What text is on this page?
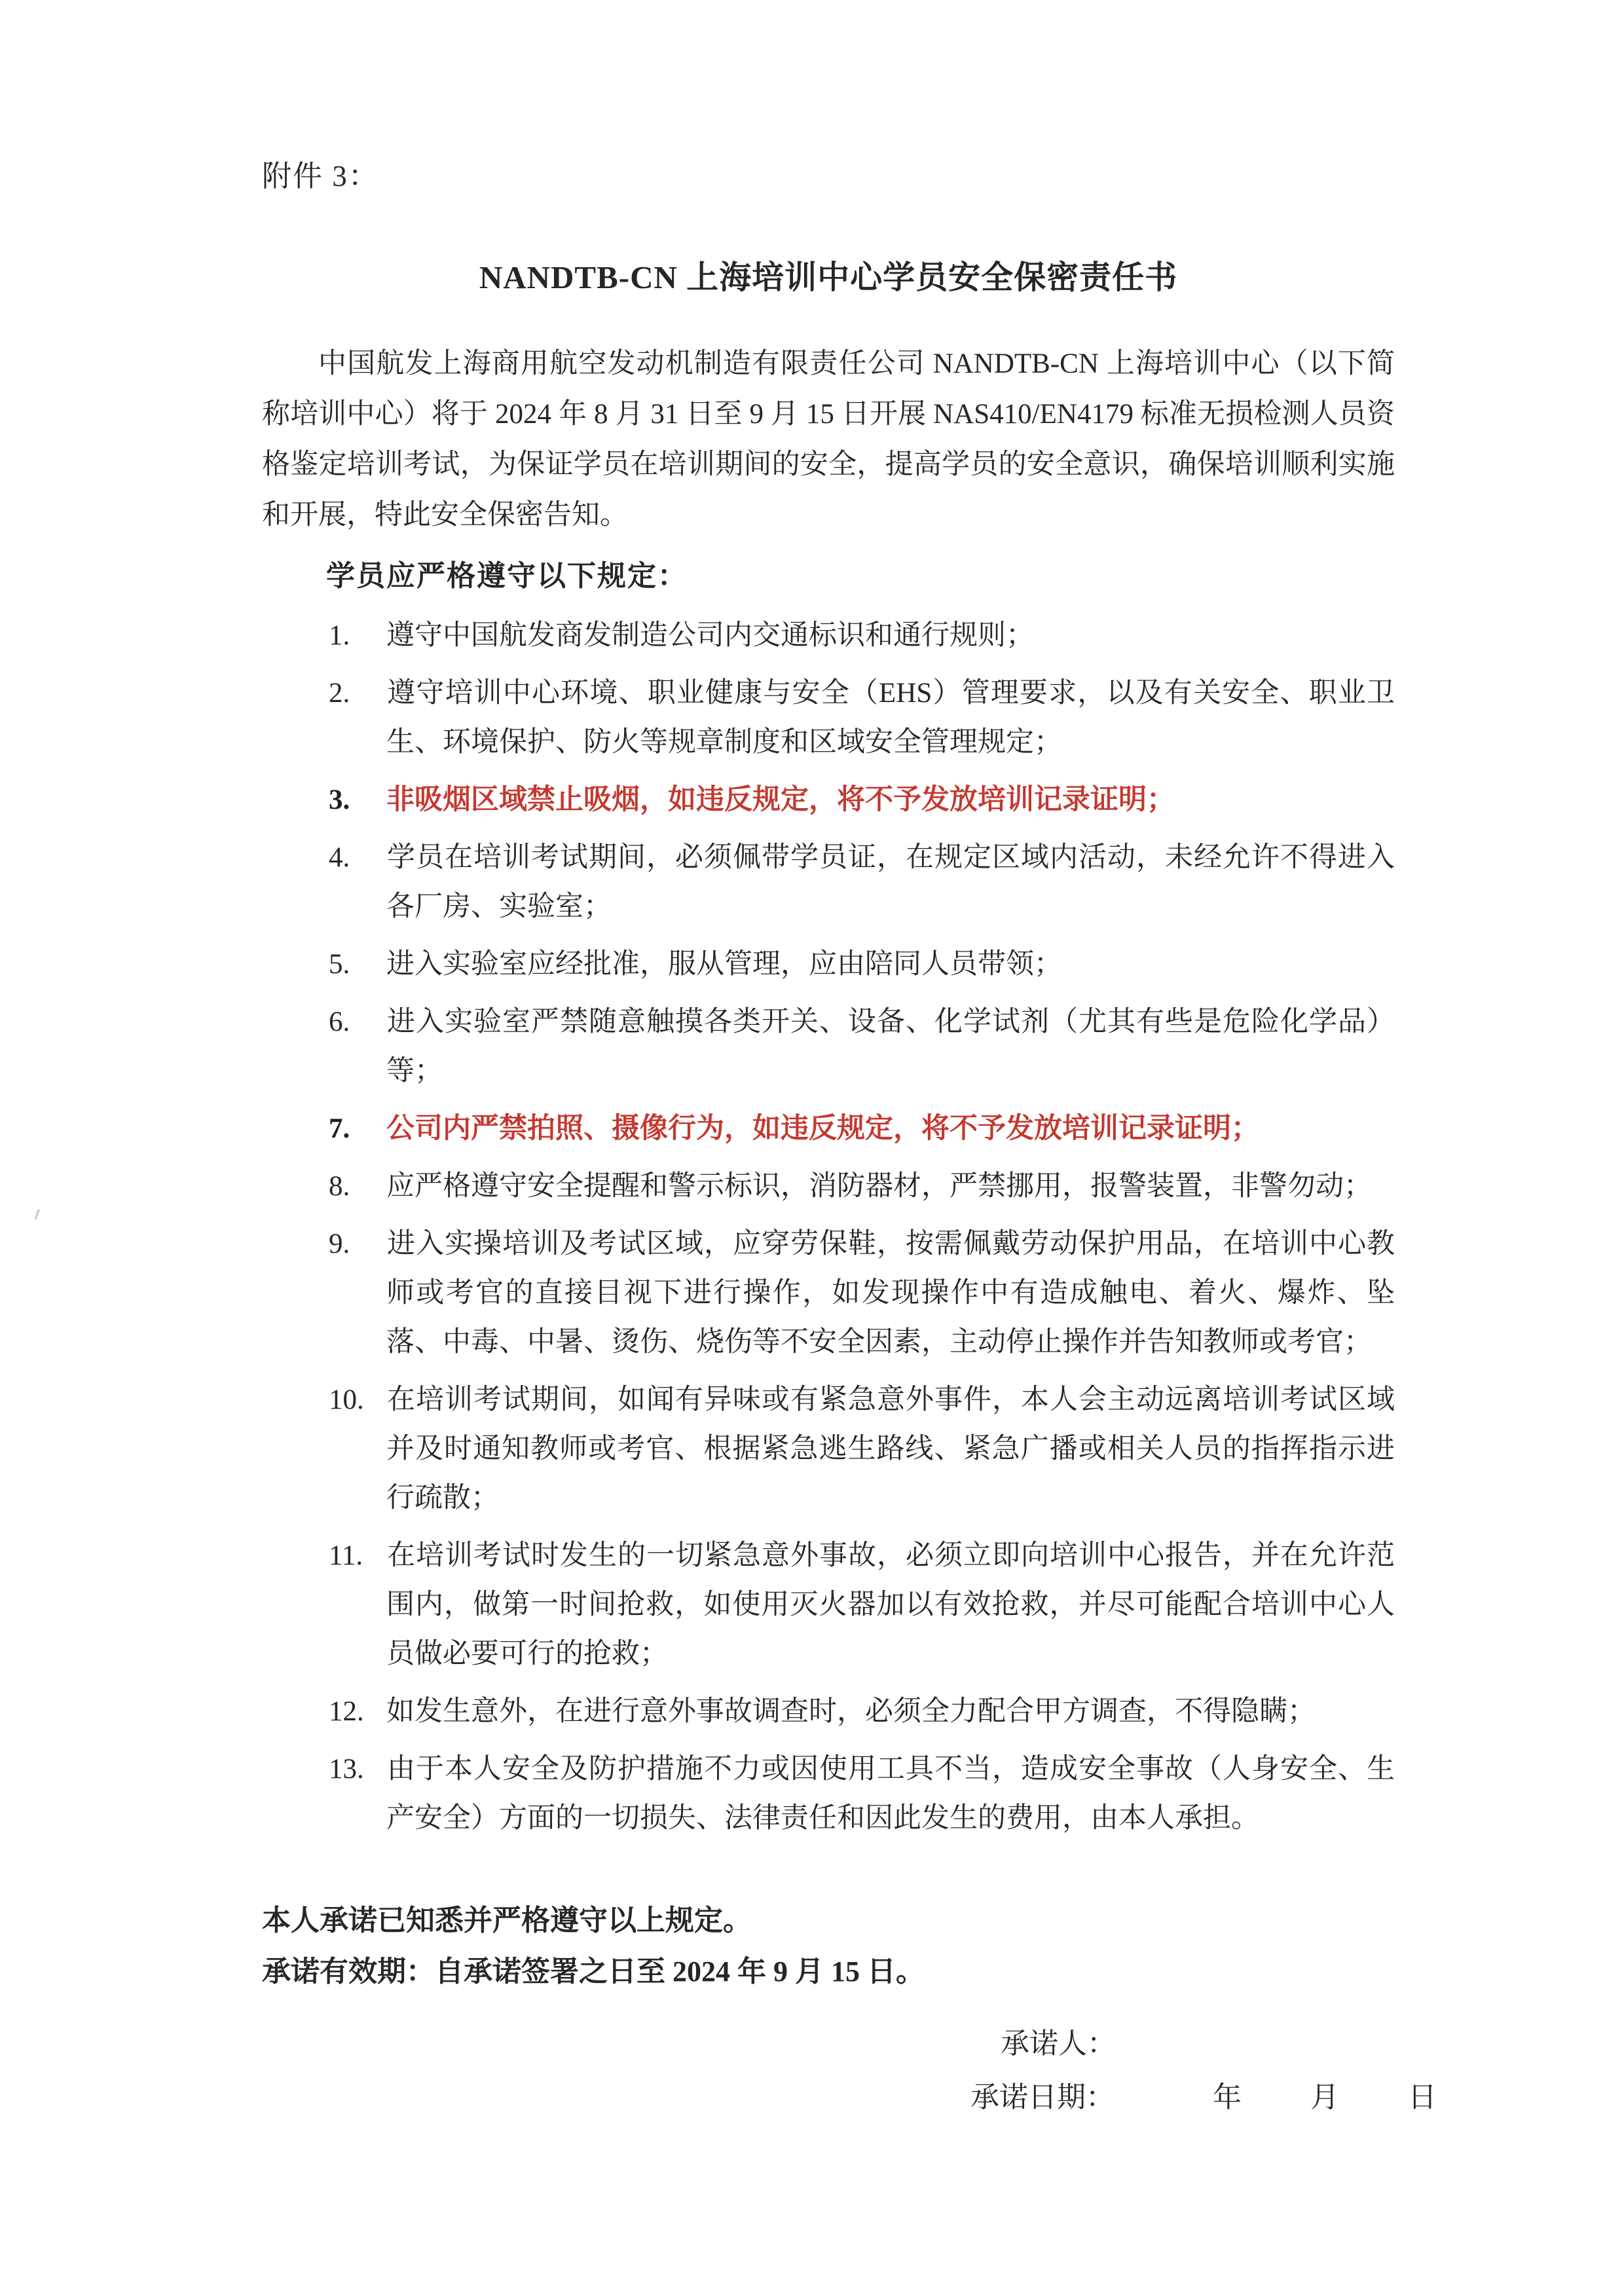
附件 3：

NANDTB-CN 上海培训中心学员安全保密责任书

中国航发上海商用航空发动机制造有限责任公司 NANDTB-CN 上海培训中心（以下简称培训中心）将于 2024 年 8 月 31 日至 9 月 15 日开展 NAS410/EN4179 标准无损检测人员资格鉴定培训考试，为保证学员在培训期间的安全，提高学员的安全意识，确保培训顺利实施和开展，特此安全保密告知。

学员应严格遵守以下规定：

1. 遵守中国航发商发制造公司内交通标识和通行规则；
2. 遵守培训中心环境、职业健康与安全（EHS）管理要求，以及有关安全、职业卫生、环境保护、防火等规章制度和区域安全管理规定；
3. 非吸烟区域禁止吸烟，如违反规定，将不予发放培训记录证明；
4. 学员在培训考试期间，必须佩带学员证，在规定区域内活动，未经允许不得进入各厂房、实验室；
5. 进入实验室应经批准，服从管理，应由陪同人员带领；
6. 进入实验室严禁随意触摸各类开关、设备、化学试剂（尤其有些是危险化学品）等；
7. 公司内严禁拍照、摄像行为，如违反规定，将不予发放培训记录证明；
8. 应严格遵守安全提醒和警示标识，消防器材，严禁挪用，报警装置，非警勿动；
9. 进入实操培训及考试区域，应穿劳保鞋，按需佩戴劳动保护用品，在培训中心教师或考官的直接目视下进行操作，如发现操作中有造成触电、着火、爆炸、坠落、中毒、中暑、烫伤、烧伤等不安全因素，主动停止操作并告知教师或考官；
10. 在培训考试期间，如闻有异味或有紧急意外事件，本人会主动远离培训考试区域并及时通知教师或考官、根据紧急逃生路线、紧急广播或相关人员的指挥指示进行疏散；
11. 在培训考试时发生的一切紧急意外事故，必须立即向培训中心报告，并在允许范围内，做第一时间抢救，如使用灭火器加以有效抢救，并尽可能配合培训中心人员做必要可行的抢救；
12. 如发生意外，在进行意外事故调查时，必须全力配合甲方调查，不得隐瞒；
13. 由于本人安全及防护措施不力或因使用工具不当，造成安全事故（人身安全、生产安全）方面的一切损失、法律责任和因此发生的费用，由本人承担。

本人承诺已知悉并严格遵守以上规定。

承诺有效期：自承诺签署之日至 2024 年 9 月 15 日。

承诺人：
承诺日期：	年 月 日
